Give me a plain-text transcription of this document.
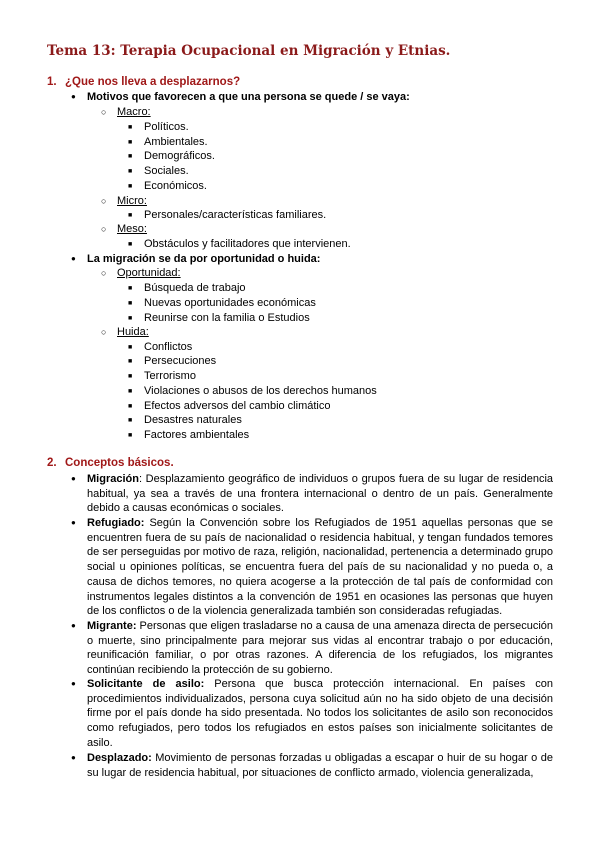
Tema 13: Terapia Ocupacional en Migración y Etnias.
1. ¿Que nos lleva a desplazarnos?
● Motivos que favorecen a que una persona se quede / se vaya:
○ Macro:
■ Políticos.
■ Ambientales.
■ Demográficos.
■ Sociales.
■ Económicos.
○ Micro:
■ Personales/características familiares.
○ Meso:
■ Obstáculos y facilitadores que intervienen.
● La migración se da por oportunidad o huida:
○ Oportunidad:
■ Búsqueda de trabajo
■ Nuevas oportunidades económicas
■ Reunirse con la familia o Estudios
○ Huida:
■ Conflictos
■ Persecuciones
■ Terrorismo
■ Violaciones o abusos de los derechos humanos
■ Efectos adversos del cambio climático
■ Desastres naturales
■ Factores ambientales
2. Conceptos básicos.
● Migración: Desplazamiento geográfico de individuos o grupos fuera de su lugar de residencia habitual, ya sea a través de una frontera internacional o dentro de un país. Generalmente debido a causas económicas o sociales.
● Refugiado: Según la Convención sobre los Refugiados de 1951 aquellas personas que se encuentren fuera de su país de nacionalidad o residencia habitual, y tengan fundados temores de ser perseguidas por motivo de raza, religión, nacionalidad, pertenencia a determinado grupo social u opiniones políticas, se encuentra fuera del país de su nacionalidad y no pueda o, a causa de dichos temores, no quiera acogerse a la protección de tal país de conformidad con instrumentos legales distintos a la convención de 1951 en ocasiones las personas que huyen de los conflictos o de la violencia generalizada también son consideradas refugiadas.
● Migrante: Personas que eligen trasladarse no a causa de una amenaza directa de persecución o muerte, sino principalmente para mejorar sus vidas al encontrar trabajo o por educación, reunificación familiar, o por otras razones. A diferencia de los refugiados, los migrantes continúan recibiendo la protección de su gobierno.
● Solicitante de asilo: Persona que busca protección internacional. En países con procedimientos individualizados, persona cuya solicitud aún no ha sido objeto de una decisión firme por el país donde ha sido presentada. No todos los solicitantes de asilo son reconocidos como refugiados, pero todos los refugiados en estos países son inicialmente solicitantes de asilo.
● Desplazado: Movimiento de personas forzadas u obligadas a escapar o huir de su hogar o de su lugar de residencia habitual, por situaciones de conflicto armado, violencia generalizada,
